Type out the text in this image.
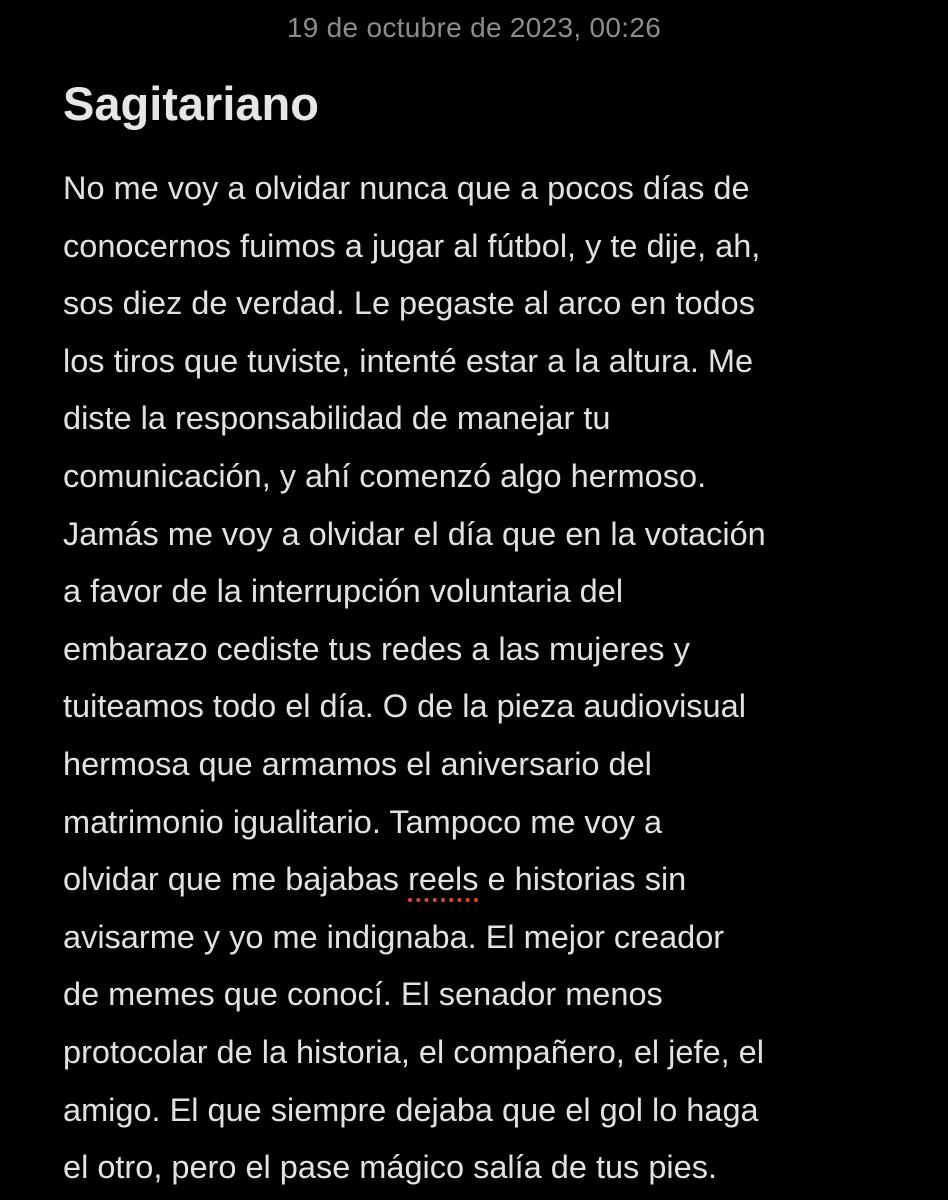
19 de octubre de 2023, 00:26
Sagitariano
No me voy a olvidar nunca que a pocos días de
conocernos fuimos a jugar al fútbol, y te dije, ah,
sos diez de verdad. Le pegaste al arco en todos
los tiros que tuviste, intenté estar a la altura. Me
diste la responsabilidad de manejar tu
comunicación, y ahí comenzó algo hermoso.
Jamás me voy a olvidar el día que en la votación
a favor de la interrupción voluntaria del
embarazo cediste tus redes a las mujeres y
tuiteamos todo el día. O de la pieza audiovisual
hermosa que armamos el aniversario del
matrimonio igualitario. Tampoco me voy a
olvidar que me bajabas reels e historias sin
avisarme y yo me indignaba. El mejor creador
de memes que conocí. El senador menos
protocolar de la historia, el compañero, el jefe, el
amigo. El que siempre dejaba que el gol lo haga
el otro, pero el pase mágico salía de tus pies.
